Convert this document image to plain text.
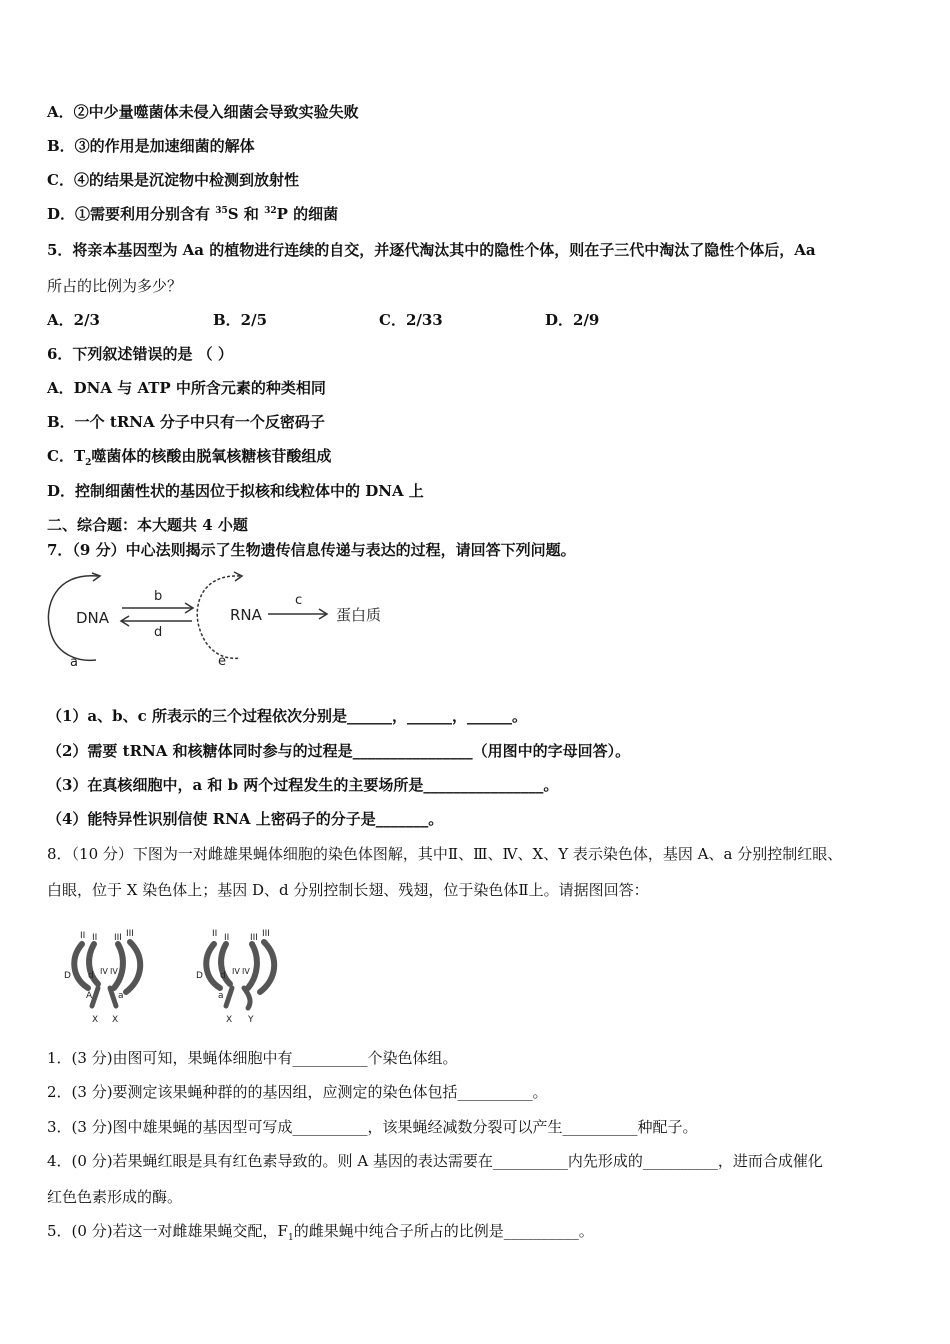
A．②中少量噬菌体未侵入细菌会导致实验失败
B．③的作用是加速细菌的解体
C．④的结果是沉淀物中检测到放射性
D．①需要利用分别含有 $^{35}$S 和 $^{32}$P 的细菌
5．将亲本基因型为 Aa 的植物进行连续的自交，并逐代淘汰其中的隐性个体，则在子三代中淘汰了隐性个体后，Aa
所占的比例为多少？
A．2/3	B．2/5	C．2/33	D．2/9
6．下列叙述错误的是 （ ）
A．DNA 与 ATP 中所含元素的种类相同
B．一个 tRNA 分子中只有一个反密码子
C．$T_2$噬菌体的核酸由脱氧核糖核苷酸组成
D．控制细菌性状的基因位于拟核和线粒体中的 DNA 上
二、综合题：本大题共 4 小题
7．（9 分）中心法则揭示了生物遗传信息传递与表达的过程，请回答下列问题。
DNA
a
b
d
RNA
e
c
蛋白质
（1）a、b、c 所表示的三个过程依次分别是______，______，______。
（2）需要 tRNA 和核糖体同时参与的过程是________________（用图中的字母回答）。
（3）在真核细胞中，a 和 b 两个过程发生的主要场所是________________。
（4）能特异性识别信使 RNA 上密码子的分子是_______。
8．（10 分）下图为一对雌雄果蝇体细胞的染色体图解，其中Ⅱ、Ⅲ、Ⅳ、X、Y 表示染色体，基因 A、a 分别控制红眼、
白眼，位于 X 染色体上；基因 D、d 分别控制长翅、残翅，位于染色体Ⅱ上。请据图回答：
II II III III
D d IV IV
A	a
X X
II II III III
D d IV IV
a
X Y
1．(3 分)由图可知，果蝇体细胞中有__________个染色体组。
2．(3 分)要测定该果蝇种群的的基因组，应测定的染色体包括__________。
3．(3 分)图中雄果蝇的基因型可写成__________，该果蝇经减数分裂可以产生__________种配子。
4．(0 分)若果蝇红眼是具有红色素导致的。则 A 基因的表达需要在__________内先形成的__________，进而合成催化
红色色素形成的酶。
5．(0 分)若这一对雌雄果蝇交配，$F_1$的雌果蝇中纯合子所占的比例是__________。
